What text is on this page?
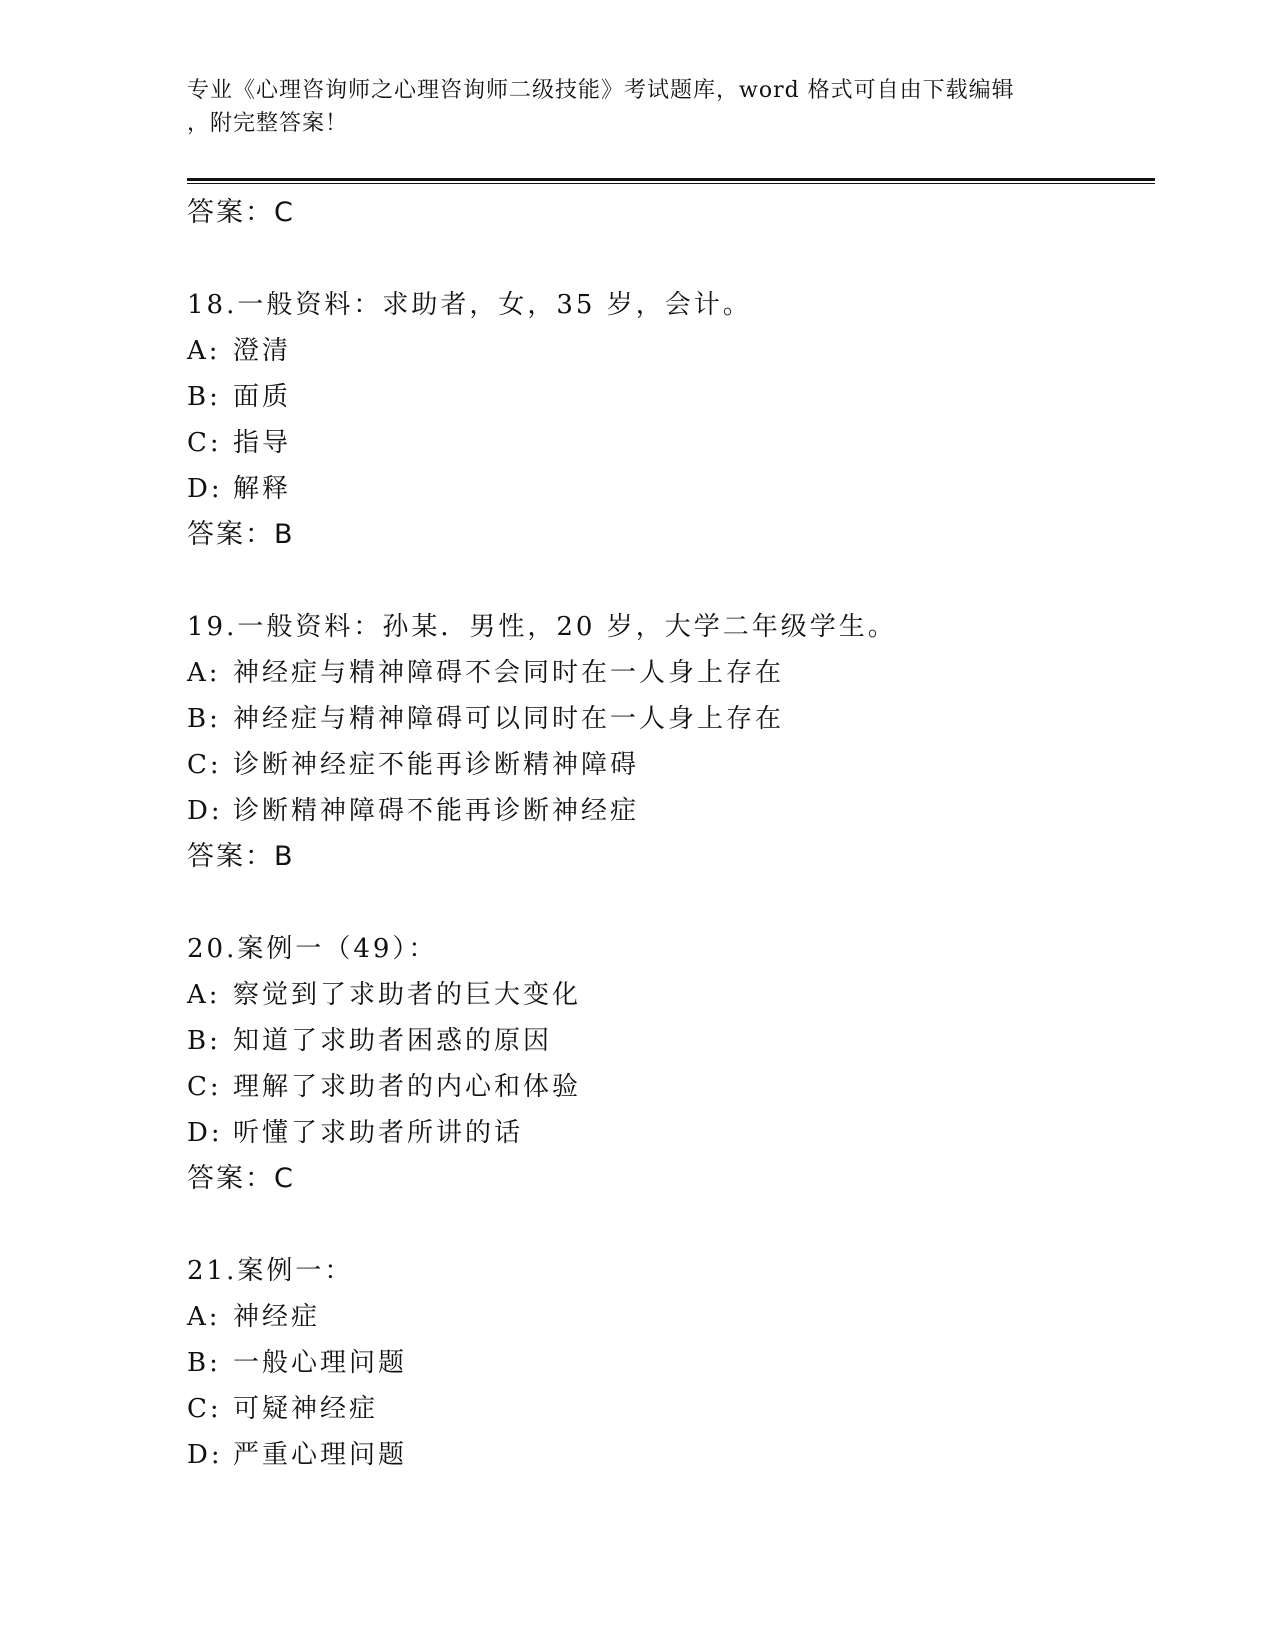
专业《心理咨询师之心理咨询师二级技能》考试题库，word 格式可自由下载编辑
，附完整答案！
答案：C
18.一般资料：求助者，女，35 岁，会计。
A: 澄清
B: 面质
C: 指导
D: 解释
答案：B
19.一般资料：孙某．男性，20 岁，大学二年级学生。
A: 神经症与精神障碍不会同时在一人身上存在
B: 神经症与精神障碍可以同时在一人身上存在
C: 诊断神经症不能再诊断精神障碍
D: 诊断精神障碍不能再诊断神经症
答案：B
20.案例一（49）：
A: 察觉到了求助者的巨大变化
B: 知道了求助者困惑的原因
C: 理解了求助者的内心和体验
D: 听懂了求助者所讲的话
答案：C
21.案例一：
A: 神经症
B: 一般心理问题
C: 可疑神经症
D: 严重心理问题
